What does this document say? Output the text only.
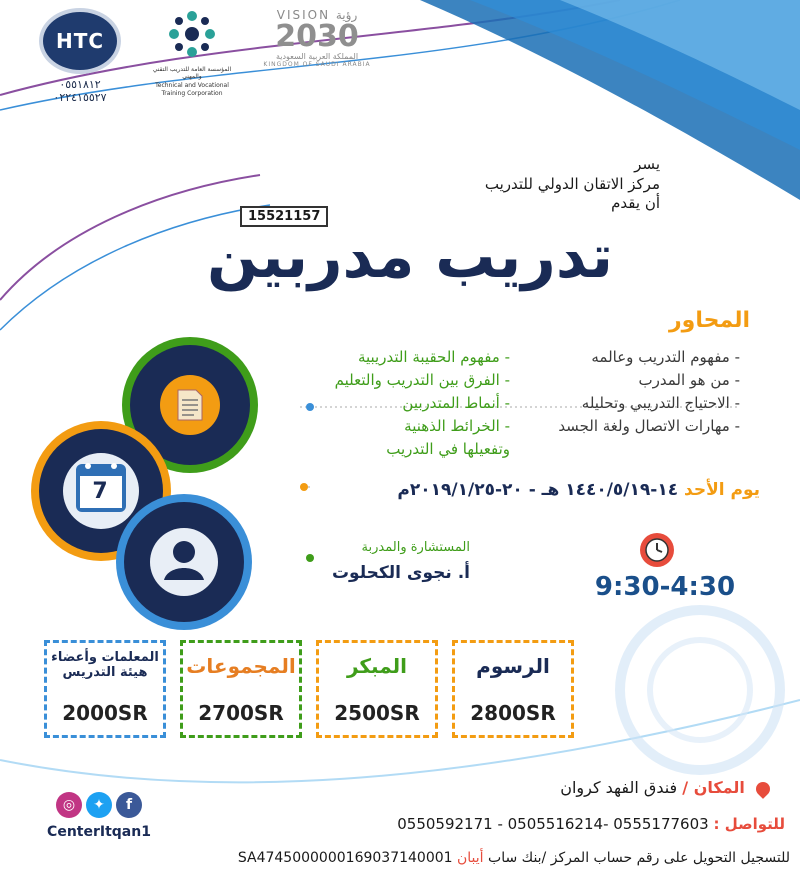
HTC
٠٥٥١٨١٢ ٠٢٢٤١٥٥٢٧
المؤسسة العامة للتدريب التقني والمهني
Technical and Vocational Training Corporation
VISION رؤية
2030
المملكة العربية السعودية
KINGDOM OF SAUDI ARABIA
يسر
مركز الاتقان الدولي للتدريب
أن يقدم
15521157
تدريب مدربين
المحاور
- مفهوم التدريب وعالمه
- من هو المدرب
- الاحتياج التدريبي وتحليله
- مهارات الاتصال ولغة الجسد
- مفهوم الحقيبة التدريبية
- الفرق بين التدريب والتعليم
- أنماط المتدربين
- الخرائط الذهنية
وتفعيلها في التدريب
7	يوم الأحد ١٤-١٤٤٠/٥/١٩ هـ - ٢٠-٢٠١٩/١/٢٥م
9:30-4:30
المستشارة والمدربة
أ. نجوى الكحلوت
الرسوم
2800SR
المبكر
2500SR
المجموعات
2700SR
المعلمات وأعضاء هيئة التدريس
2000SR
المكان / فندق الفهد كروان
للتواصل : 0555177603 -0505516214 - 0550592171
للتسجيل التحويل على رقم حساب المركز /بنك ساب أيبان SA4745000000169037140001
◎	✦	f
CenterItqan1
